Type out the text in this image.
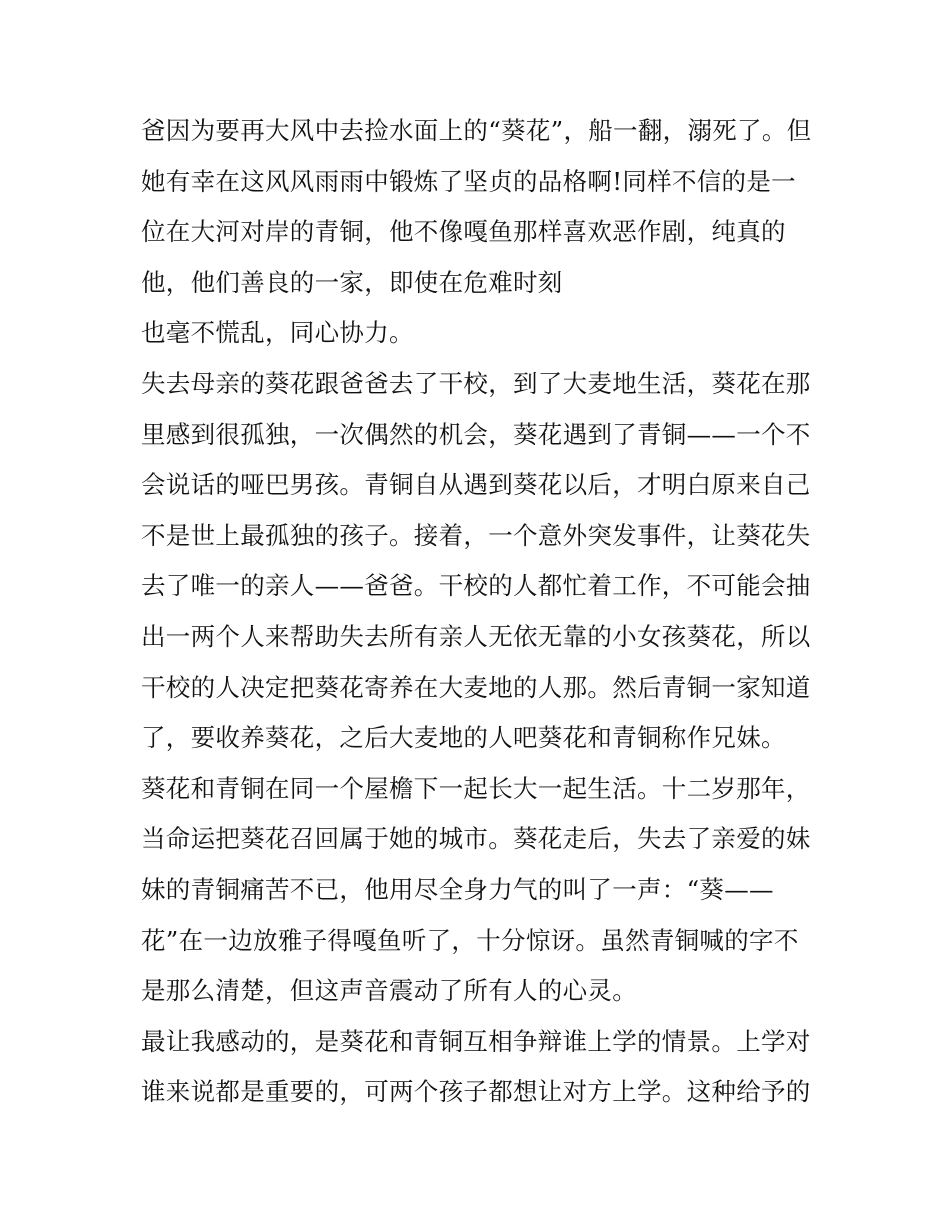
爸因为要再大风中去捡水面上的“葵花”，船一翻，溺死了。但
她有幸在这风风雨雨中锻炼了坚贞的品格啊!同样不信的是一
位在大河对岸的青铜，他不像嘎鱼那样喜欢恶作剧，纯真的
他，他们善良的一家，即使在危难时刻
也毫不慌乱，同心协力。
失去母亲的葵花跟爸爸去了干校，到了大麦地生活，葵花在那
里感到很孤独，一次偶然的机会，葵花遇到了青铜——一个不
会说话的哑巴男孩。青铜自从遇到葵花以后，才明白原来自己
不是世上最孤独的孩子。接着，一个意外突发事件，让葵花失
去了唯一的亲人——爸爸。干校的人都忙着工作，不可能会抽
出一两个人来帮助失去所有亲人无依无靠的小女孩葵花，所以
干校的人决定把葵花寄养在大麦地的人那。然后青铜一家知道
了，要收养葵花，之后大麦地的人吧葵花和青铜称作兄妹。
葵花和青铜在同一个屋檐下一起长大一起生活。十二岁那年，
当命运把葵花召回属于她的城市。葵花走后，失去了亲爱的妹
妹的青铜痛苦不已，他用尽全身力气的叫了一声：“葵——
花”在一边放雅子得嘎鱼听了，十分惊讶。虽然青铜喊的字不
是那么清楚，但这声音震动了所有人的心灵。
最让我感动的，是葵花和青铜互相争辩谁上学的情景。上学对
谁来说都是重要的，可两个孩子都想让对方上学。这种给予的
